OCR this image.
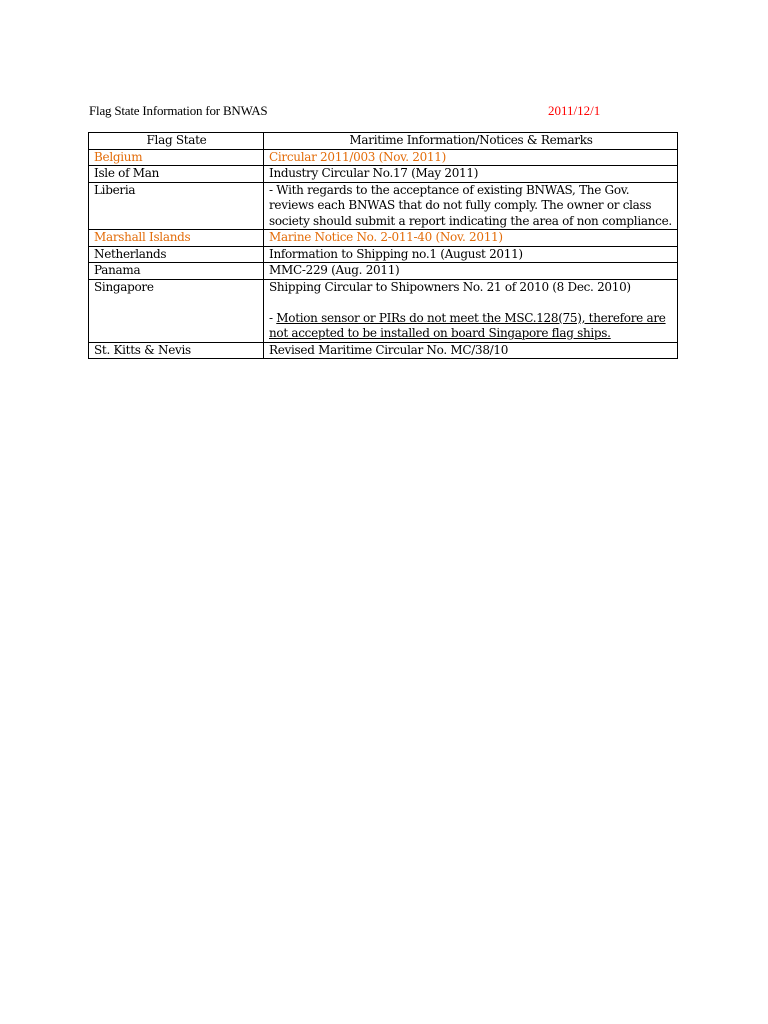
Flag State Information for BNWAS	2011/12/1
Flag State	Maritime Information/Notices & Remarks
Belgium	Circular 2011/003 (Nov. 2011)
Isle of Man	Industry Circular No.17 (May 2011)
Liberia	- With regards to the acceptance of existing BNWAS, The Gov. reviews each BNWAS that do not fully comply. The owner or class society should submit a report indicating the area of non compliance.
Marshall Islands	Marine Notice No. 2-011-40 (Nov. 2011)
Netherlands	Information to Shipping no.1 (August 2011)
Panama	MMC-229 (Aug. 2011)
Singapore	Shipping Circular to Shipowners No. 21 of 2010 (8 Dec. 2010)
- Motion sensor or PIRs do not meet the MSC.128(75), therefore are not accepted to be installed on board Singapore flag ships.

St. Kitts & Nevis	Revised Maritime Circular No. MC/38/10
